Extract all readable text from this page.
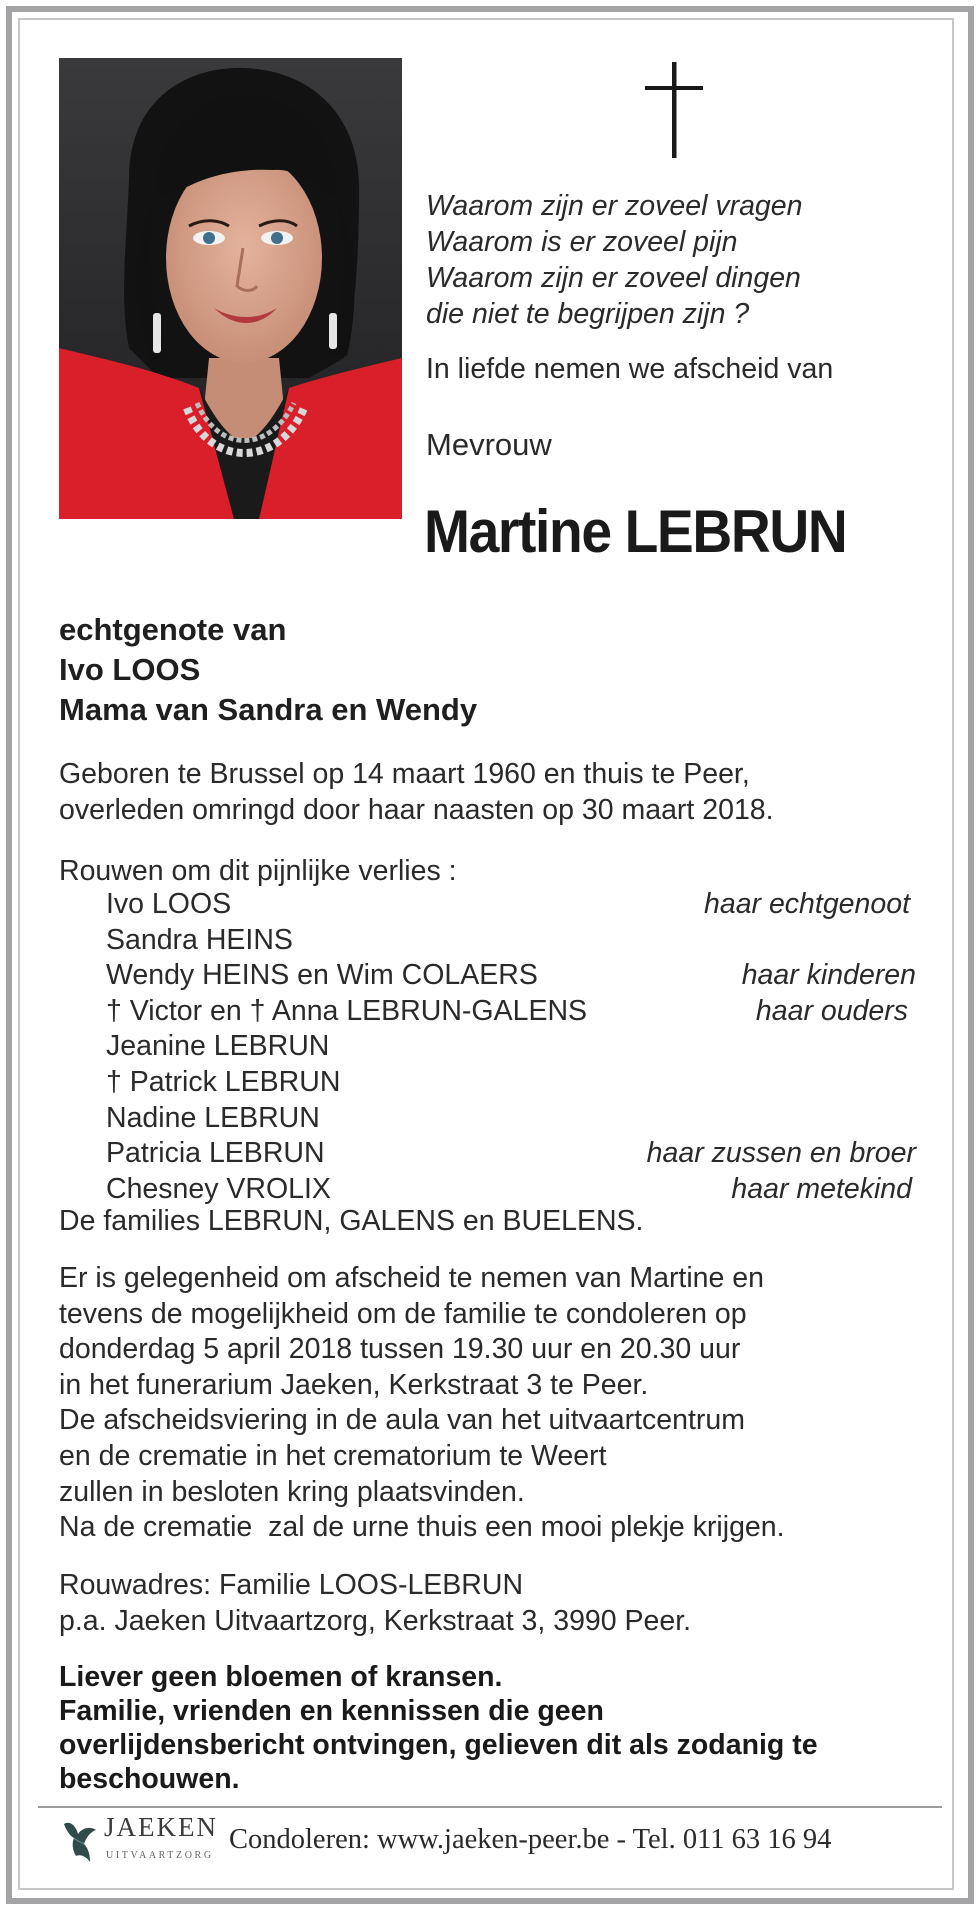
Waarom zijn er zoveel vragen
Waarom is er zoveel pijn
Waarom zijn er zoveel dingen
die niet te begrijpen zijn ?
In liefde nemen we afscheid van
Mevrouw
Martine LEBRUN
echtgenote van
Ivo LOOS
Mama van Sandra en Wendy
Geboren te Brussel op 14 maart 1960 en thuis te Peer,
overleden omringd door haar naasten op 30 maart 2018.
Rouwen om dit pijnlijke verlies :
Ivo LOOS	haar echtgenoot
Sandra HEINS
Wendy HEINS en Wim COLAERS	haar kinderen
† Victor en † Anna LEBRUN-GALENS	haar ouders
Jeanine LEBRUN
† Patrick LEBRUN
Nadine LEBRUN
Patricia LEBRUN	haar zussen en broer
Chesney VROLIX	haar metekind
De families LEBRUN, GALENS en BUELENS.
Er is gelegenheid om afscheid te nemen van Martine en
tevens de mogelijkheid om de familie te condoleren op
donderdag 5 april 2018 tussen 19.30 uur en 20.30 uur
in het funerarium Jaeken, Kerkstraat 3 te Peer.
De afscheidsviering in de aula van het uitvaartcentrum
en de crematie in het crematorium te Weert
zullen in besloten kring plaatsvinden.
Na de crematie  zal de urne thuis een mooi plekje krijgen.
Rouwadres: Familie LOOS-LEBRUN
p.a. Jaeken Uitvaartzorg, Kerkstraat 3, 3990 Peer.
Liever geen bloemen of kransen.
Familie, vrienden en kennissen die geen
overlijdensbericht ontvingen, gelieven dit als zodanig te
beschouwen.
JAEKEN
UITVAARTZORG
Condoleren: www.jaeken-peer.be - Tel. 011 63 16 94
